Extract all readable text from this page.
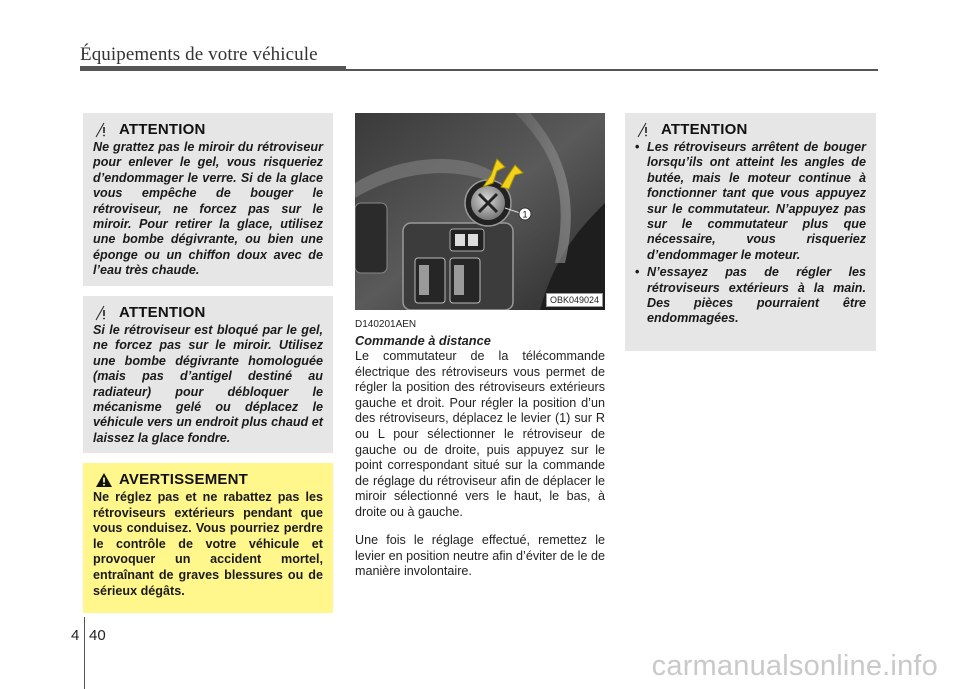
Équipements de votre véhicule
ATTENTION
Ne grattez pas le miroir du rétroviseur pour enlever le gel, vous risqueriez d’endommager le verre. Si de la glace vous empêche de bouger le rétroviseur, ne forcez pas sur le miroir. Pour retirer la glace, utilisez une bombe dégivrante, ou bien une éponge ou un chiffon doux avec de l’eau très chaude.
ATTENTION
Si le rétroviseur est bloqué par le gel, ne forcez pas sur le miroir. Utilisez une bombe dégivrante homologuée (mais pas d’antigel destiné au radiateur) pour débloquer le mécanisme gelé ou déplacez le véhicule vers un endroit plus chaud et laissez la glace fondre.
AVERTISSEMENT
Ne réglez pas et ne rabattez pas les rétroviseurs extérieurs pendant que vous conduisez. Vous pourriez perdre le contrôle de votre véhicule et provoquer un accident mortel, entraînant de graves blessures ou de sérieux dégâts.
1
OBK049024
D140201AEN
Commande à distance
Le commutateur de la télécommande électrique des rétroviseurs vous permet de régler la position des rétroviseurs extérieurs gauche et droit. Pour régler la position d’un des rétroviseurs, déplacez le levier (1) sur R ou L pour sélectionner le rétroviseur de gauche ou de droite, puis appuyez sur le point correspondant situé sur la commande de réglage du rétroviseur afin de déplacer le miroir sélectionné vers le haut, le bas, à droite ou à gauche.
Une fois le réglage effectué, remettez le levier en position neutre afin d’éviter de le de manière involontaire.
ATTENTION
• Les rétroviseurs arrêtent de bouger lorsqu’ils ont atteint les angles de butée, mais le moteur continue à fonctionner tant que vous appuyez sur le commutateur. N’appuyez pas sur le commutateur plus que nécessaire, vous risqueriez d’endommager le moteur.
• N’essayez pas de régler les rétroviseurs extérieurs à la main. Des pièces pourraient être endommagées.
4 40
carmanualsonline.info
